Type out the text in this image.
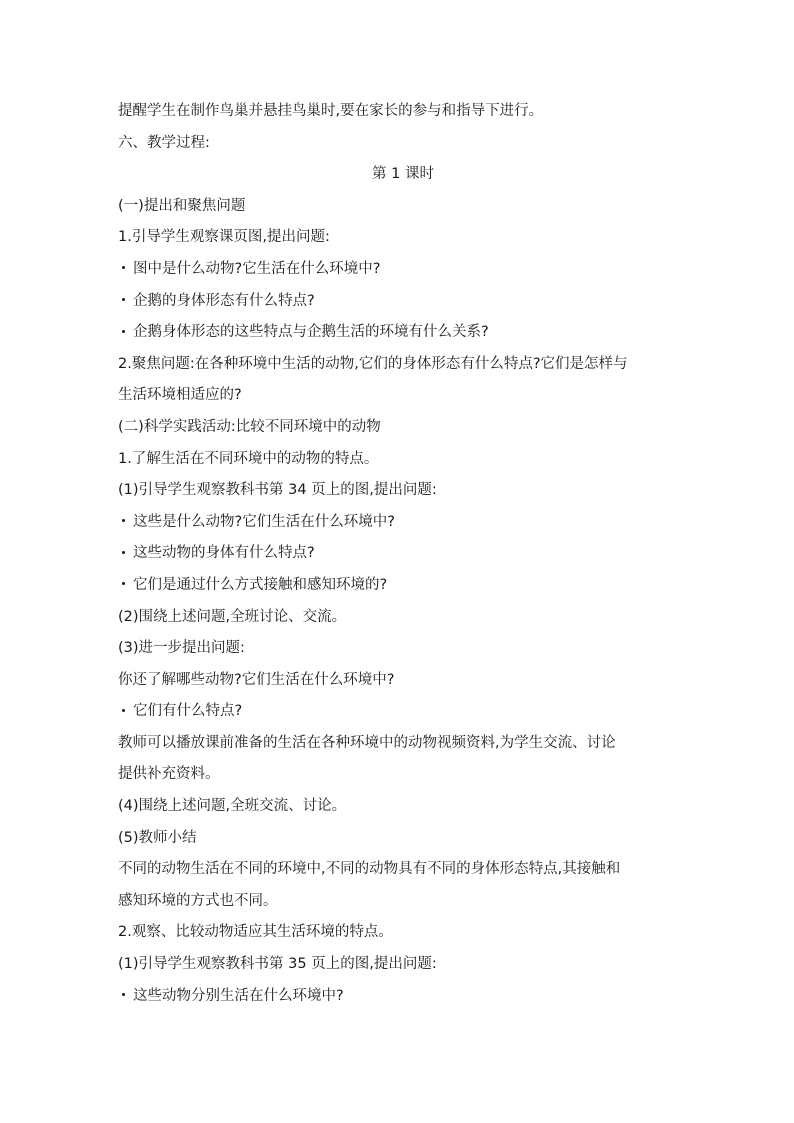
提醒学生在制作鸟巢并悬挂鸟巢时,要在家长的参与和指导下进行。
六、教学过程:
第 1 课时
(一)提出和聚焦问题
1.引导学生观察课页图,提出问题:
图中是什么动物?它生活在什么环境中?
企鹅的身体形态有什么特点?
企鹅身体形态的这些特点与企鹅生活的环境有什么关系?
2.聚焦问题:在各种环境中生活的动物,它们的身体形态有什么特点?它们是怎样与
生活环境相适应的?
(二)科学实践活动:比较不同环境中的动物
1.了解生活在不同环境中的动物的特点。
(1)引导学生观察教科书第 34 页上的图,提出问题:
这些是什么动物?它们生活在什么环境中?
这些动物的身体有什么特点?
它们是通过什么方式接触和感知环境的?
(2)围绕上述问题,全班讨论、交流。
(3)进一步提出问题:
你还了解哪些动物?它们生活在什么环境中?
它们有什么特点?
教师可以播放课前准备的生活在各种环境中的动物视频资料,为学生交流、讨论
提供补充资料。
(4)围绕上述问题,全班交流、讨论。
(5)教师小结
不同的动物生活在不同的环境中,不同的动物具有不同的身体形态特点,其接触和
感知环境的方式也不同。
2.观察、比较动物适应其生活环境的特点。
(1)引导学生观察教科书第 35 页上的图,提出问题:
这些动物分别生活在什么环境中?
